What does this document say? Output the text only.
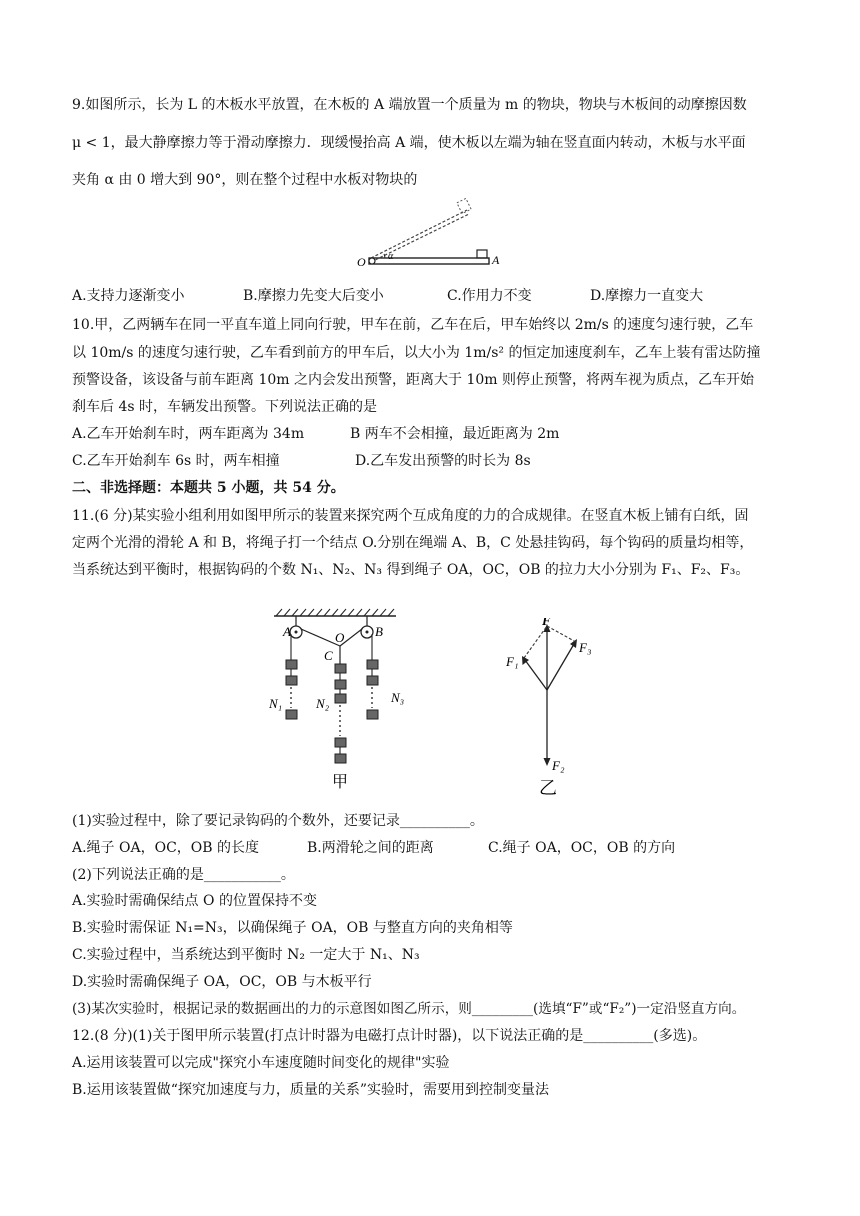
9.如图所示，长为 L 的木板水平放置，在木板的 A 端放置一个质量为 m 的物块，物块与木板间的动摩擦因数
μ < 1，最大静摩擦力等于滑动摩擦力．现缓慢抬高 A 端，使木板以左端为轴在竖直面内转动，木板与水平面
夹角 α 由 0 增大到 90°，则在整个过程中水板对物块的
O α	A
A.支持力逐渐变小	B.摩擦力先变大后变小	C.作用力不变	D.摩擦力一直变大
10.甲，乙两辆车在同一平直车道上同向行驶，甲车在前，乙车在后，甲车始终以 2m/s 的速度匀速行驶，乙车
以 10m/s 的速度匀速行驶，乙车看到前方的甲车后，以大小为 1m/s² 的恒定加速度刹车，乙车上装有雷达防撞
预警设备，该设备与前车距离 10m 之内会发出预警，距离大于 10m 则停止预警，将两车视为质点，乙车开始
刹车后 4s 时，车辆发出预警。下列说法正确的是
A.乙车开始刹车时，两车距离为 34m	B 两车不会相撞，最近距离为 2m
C.乙车开始刹车 6s 时，两车相撞	D.乙车发出预警的时长为 8s
二、非选择题：本题共 5 小题，共 54 分。
11.(6 分)某实验小组利用如图甲所示的装置来探究两个互成角度的力的合成规律。在竖直木板上铺有白纸，固
定两个光滑的滑轮 A 和 B，将绳子打一个结点 O.分别在绳端 A、B，C 处悬挂钩码，每个钩码的质量均相等，
当系统达到平衡时，根据钩码的个数 N₁、N₂、N₃ 得到绳子 OA，OC，OB 的拉力大小分别为 F₁、F₂、F₃。
A	O B
C
N₁	N₂	N₃
甲
F
F₁
F₃
F₂
乙
(1)实验过程中，除了要记录钩码的个数外，还要记录__________。
A.绳子 OA，OC，OB 的长度	B.两滑轮之间的距离	C.绳子 OA，OC，OB 的方向
(2)下列说法正确的是___________。
A.实验时需确保结点 O 的位置保持不变
B.实验时需保证 N₁=N₃，以确保绳子 OA，OB 与整直方向的夹角相等
C.实验过程中，当系统达到平衡时 N₂ 一定大于 N₁、N₃
D.实验时需确保绳子 OA，OC，OB 与木板平行
(3)某次实验时，根据记录的数据画出的力的示意图如图乙所示，则_________(选填“F”或“F₂”)一定沿竖直方向。
12.(8 分)(1)关于图甲所示装置(打点计时器为电磁打点计时器)，以下说法正确的是__________(多选)。
A.运用该装置可以完成"探究小车速度随时间变化的规律"实验
B.运用该装置做“探究加速度与力，质量的关系”实验时，需要用到控制变量法
